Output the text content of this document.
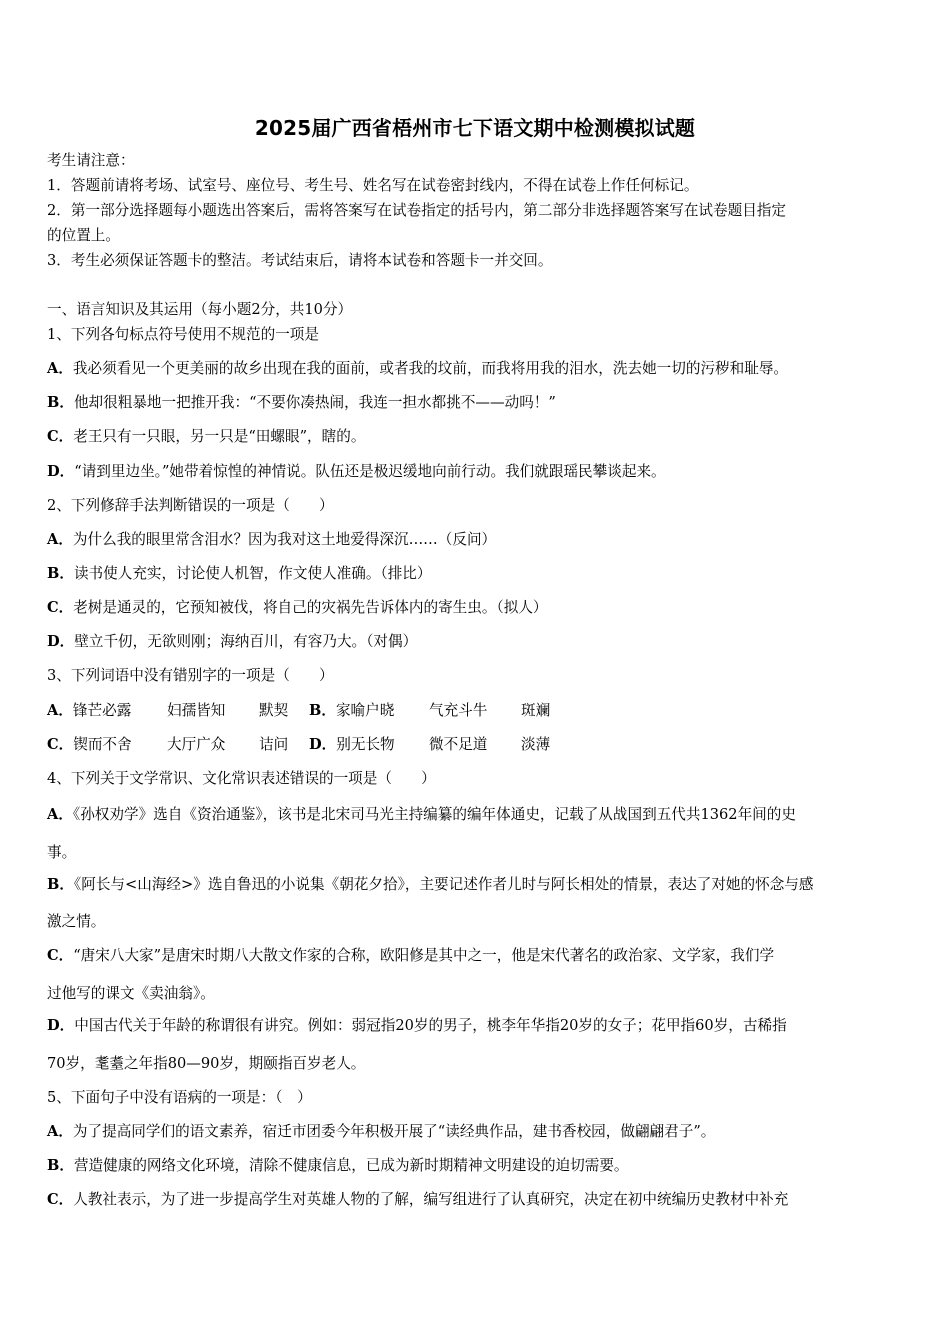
2025届广西省梧州市七下语文期中检测模拟试题
考生请注意：
1．答题前请将考场、试室号、座位号、考生号、姓名写在试卷密封线内，不得在试卷上作任何标记。
2．第一部分选择题每小题选出答案后，需将答案写在试卷指定的括号内，第二部分非选择题答案写在试卷题目指定
的位置上。
3．考生必须保证答题卡的整洁。考试结束后，请将本试卷和答题卡一并交回。
一、语言知识及其运用（每小题2分，共10分）
1、下列各句标点符号使用不规范的一项是
A．我必须看见一个更美丽的故乡出现在我的面前，或者我的坟前，而我将用我的泪水，洗去她一切的污秽和耻辱。
B．他却很粗暴地一把推开我：“不要你凑热闹，我连一担水都挑不——动吗！”
C．老王只有一只眼，另一只是“田螺眼”，瞎的。
D．“请到里边坐。”她带着惊惶的神情说。队伍还是极迟缓地向前行动。我们就跟瑶民攀谈起来。
2、下列修辞手法判断错误的一项是（　　）
A．为什么我的眼里常含泪水？因为我对这土地爱得深沉……（反问）
B．读书使人充实，讨论使人机智，作文使人准确。（排比）
C．老树是通灵的，它预知被伐，将自己的灾祸先告诉体内的寄生虫。（拟人）
D．壁立千仞，无欲则刚；海纳百川，有容乃大。（对偶）
3、下列词语中没有错别字的一项是（　　）
A．锋芒必露 妇孺皆知 默契 B．家喻户晓 气充斗牛 斑斓
C．锲而不舍 大厅广众 诘问 D．别无长物 微不足道 淡薄
4、下列关于文学常识、文化常识表述错误的一项是（　　）
A．《孙权劝学》选自《资治通鉴》，该书是北宋司马光主持编纂的编年体通史，记载了从战国到五代共1362年间的史
事。
B．《阿长与<山海经>》选自鲁迅的小说集《朝花夕拾》，主要记述作者儿时与阿长相处的情景，表达了对她的怀念与感
激之情。
C．“唐宋八大家”是唐宋时期八大散文作家的合称，欧阳修是其中之一，他是宋代著名的政治家、文学家，我们学
过他写的课文《卖油翁》。
D．中国古代关于年龄的称谓很有讲究。例如：弱冠指20岁的男子，桃李年华指20岁的女子；花甲指60岁，古稀指
70岁，耄耋之年指80—90岁，期颐指百岁老人。
5、下面句子中没有语病的一项是：（　）
A．为了提高同学们的语文素养，宿迁市团委今年积极开展了“读经典作品，建书香校园，做翩翩君子”。
B．营造健康的网络文化环境，清除不健康信息，已成为新时期精神文明建设的迫切需要。
C．人教社表示，为了进一步提高学生对英雄人物的了解，编写组进行了认真研究，决定在初中统编历史教材中补充
